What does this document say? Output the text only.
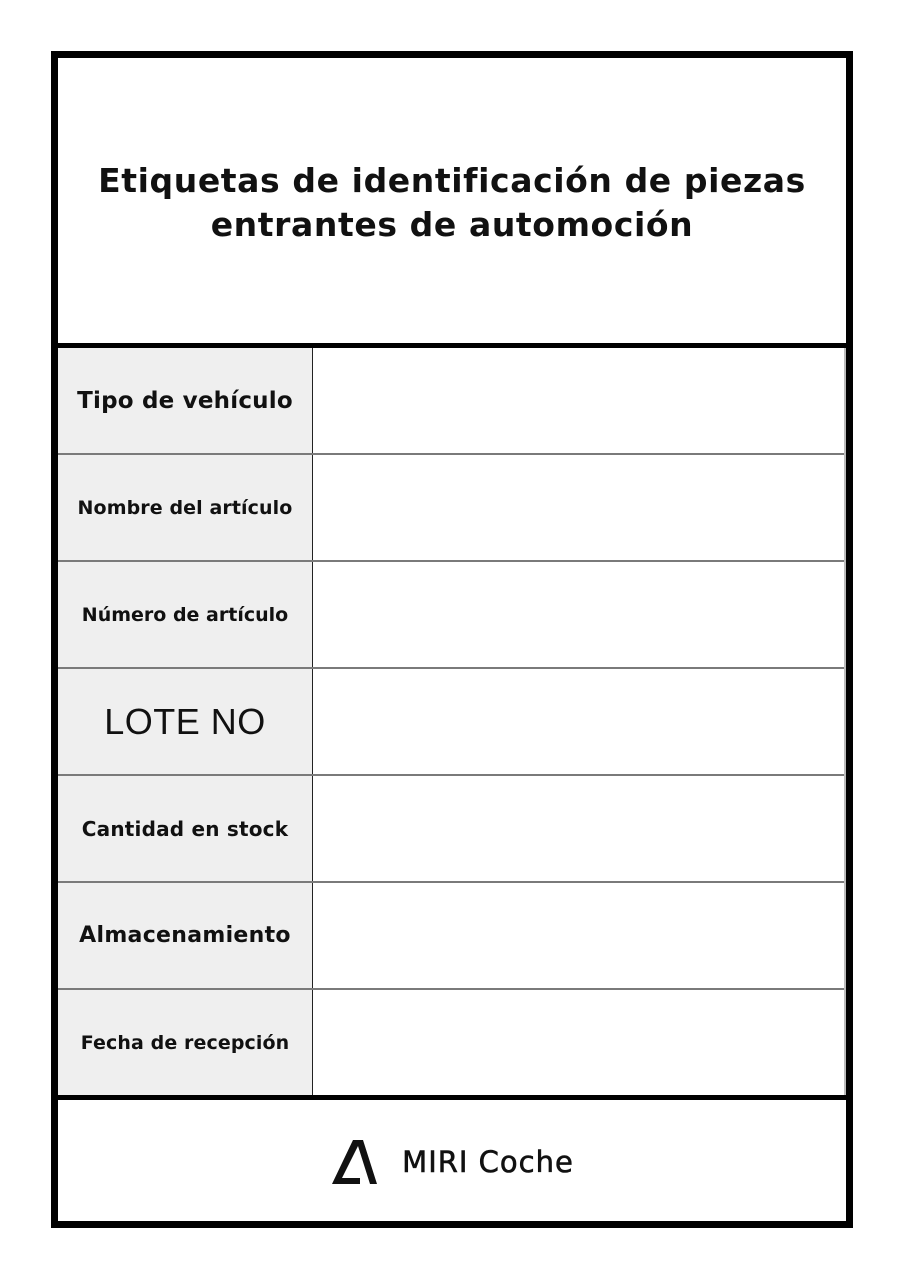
Etiquetas de identificación de piezas
entrantes de automoción
Tipo de vehículo
Nombre del artículo
Número de artículo
LOTE NO
Cantidad en stock
Almacenamiento
Fecha de recepción
MIRI Coche
